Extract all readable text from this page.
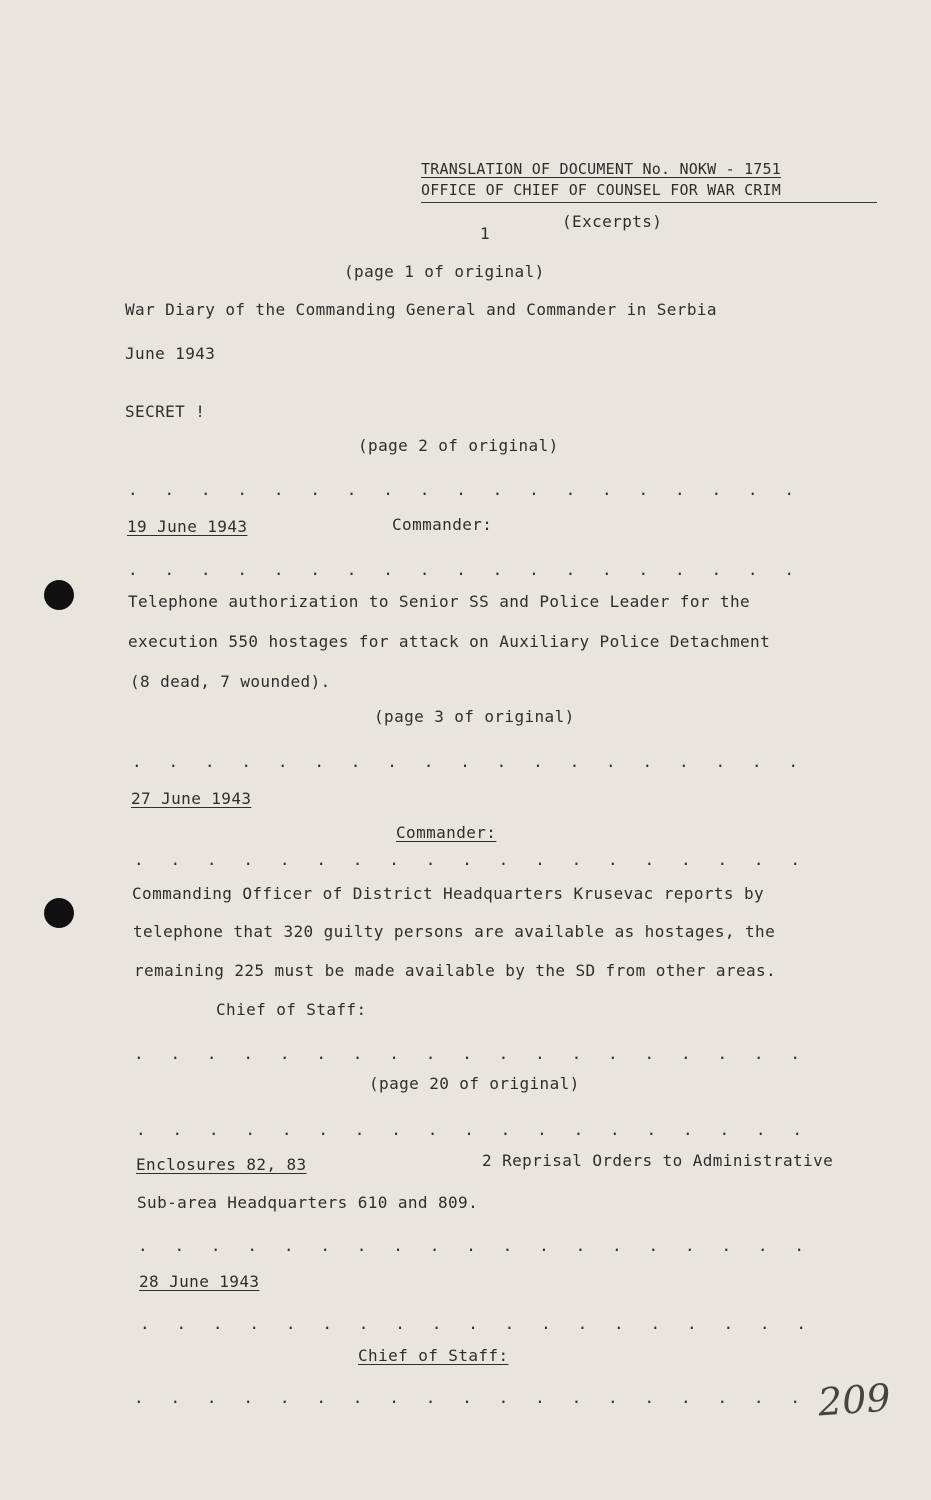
TRANSLATION OF DOCUMENT No. NOKW - 1751
OFFICE OF CHIEF OF COUNSEL FOR WAR CRIM
1
(Excerpts)
(page 1 of original)
War Diary of the Commanding General and Commander in Serbia
June 1943
SECRET !
(page 2 of original)
. . . . . . . . . . . . . . . . . . .
19 June 1943	Commander:
. . . . . . . . . . . . . . . . . . .
Telephone authorization to Senior SS and Police Leader for the
execution 550 hostages for attack on Auxiliary Police Detachment
(8 dead, 7 wounded).
(page 3 of original)
. . . . . . . . . . . . . . . . . . .
27 June 1943
Commander:
. . . . . . . . . . . . . . . . . . .
Commanding Officer of District Headquarters Krusevac reports by
telephone that 320 guilty persons are available as hostages, the
remaining 225 must be made available by the SD from other areas.
Chief of Staff:
. . . . . . . . . . . . . . . . . . .
(page 20 of original)
. . . . . . . . . . . . . . . . . . .
Enclosures 82, 83	2 Reprisal Orders to Administrative
Sub-area Headquarters 610 and 809.
. . . . . . . . . . . . . . . . . . .
28 June 1943
. . . . . . . . . . . . . . . . . . .
Chief of Staff:
. . . . . . . . . . . . . . . . . . . 209
